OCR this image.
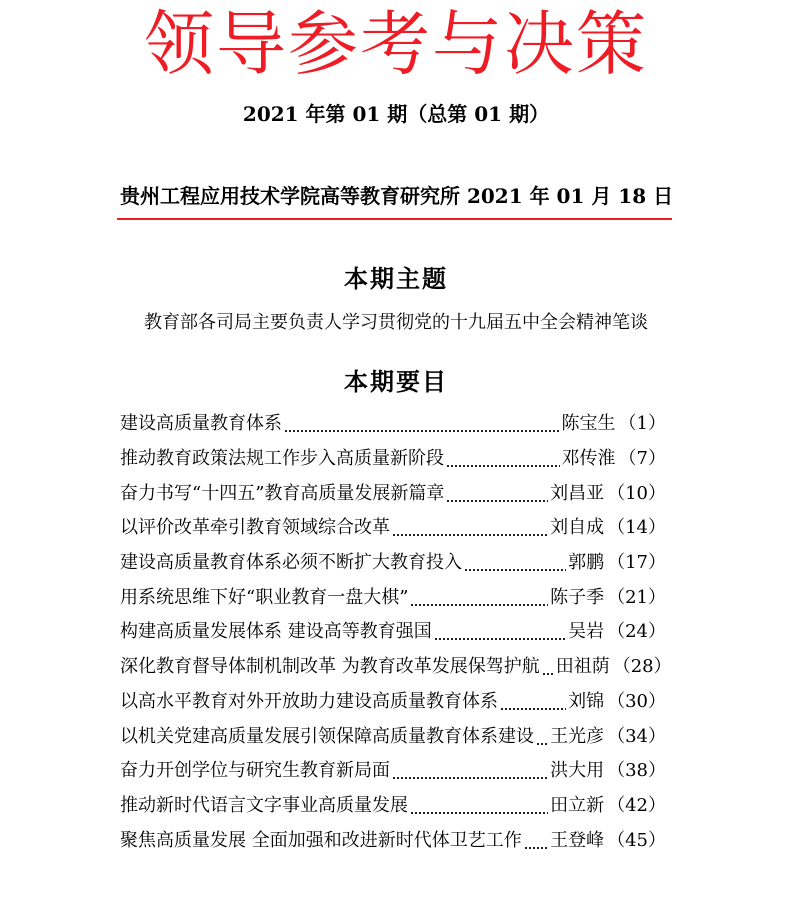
领导参考与决策
2021 年第 01 期（总第 01 期）
贵州工程应用技术学院高等教育研究所 2021 年 01 月 18 日
本期主题
教育部各司局主要负责人学习贯彻党的十九届五中全会精神笔谈
本期要目
建设高质量教育体系	陈宝生 （1）
推动教育政策法规工作步入高质量新阶段	邓传淮 （7）
奋力书写“十四五”教育高质量发展新篇章	刘昌亚 （10）
以评价改革牵引教育领域综合改革	刘自成 （14）
建设高质量教育体系必须不断扩大教育投入	郭鹏 （17）
用系统思维下好“职业教育一盘大棋”	陈子季 （21）
构建高质量发展体系 建设高等教育强国	吴岩 （24）
深化教育督导体制机制改革 为教育改革发展保驾护航 田祖荫 （28）
以高水平教育对外开放助力建设高质量教育体系	刘锦 （30）
以机关党建高质量发展引领保障高质量教育体系建设 王光彦 （34）
奋力开创学位与研究生教育新局面	洪大用 （38）
推动新时代语言文字事业高质量发展	田立新 （42）
聚焦高质量发展 全面加强和改进新时代体卫艺工作 王登峰 （45）
